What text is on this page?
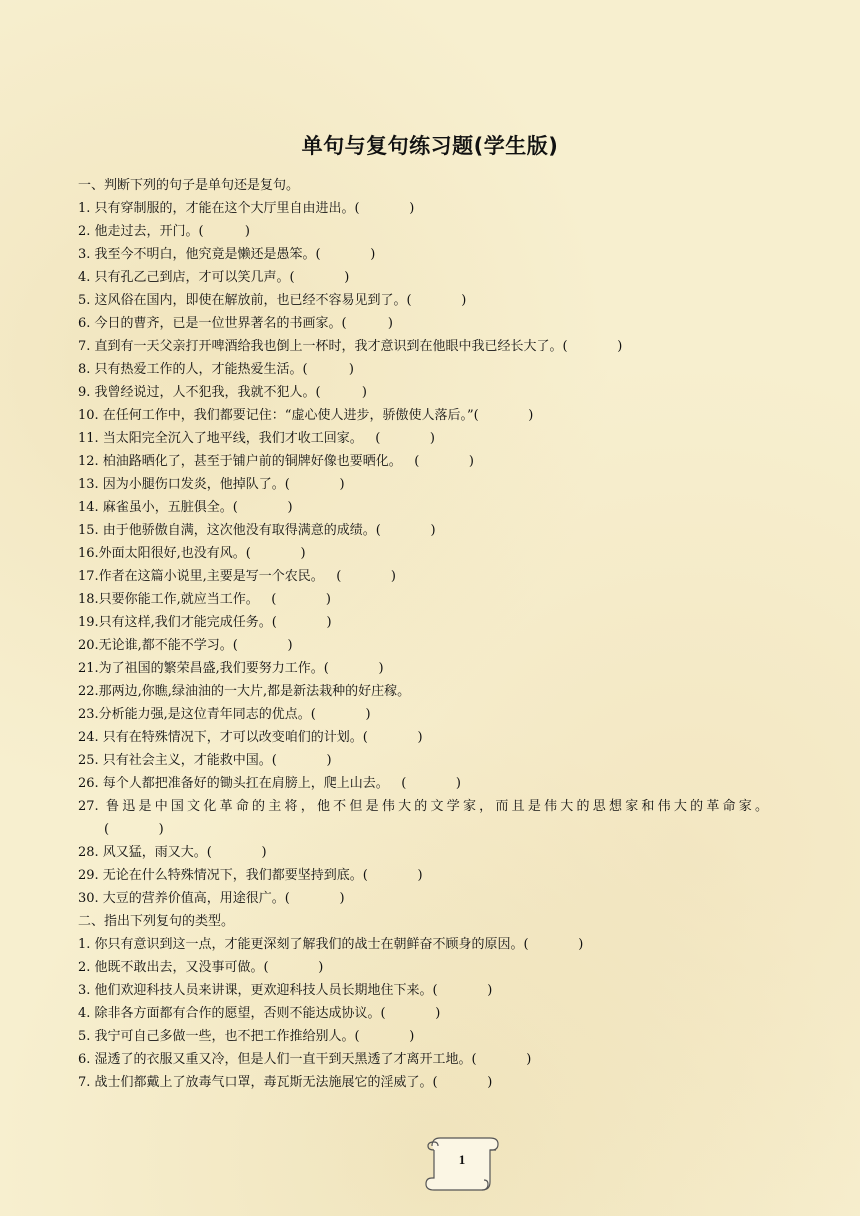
单句与复句练习题(学生版)
一、判断下列的句子是单句还是复句。
1. 只有穿制服的，才能在这个大厅里自由进出。(            )
2. 他走过去，开门。(          )
3. 我至今不明白，他究竟是懒还是愚笨。(            )
4. 只有孔乙己到店，才可以笑几声。(            )
5. 这风俗在国内，即使在解放前，也已经不容易见到了。(            )
6. 今日的曹齐，已是一位世界著名的书画家。(          )
7. 直到有一天父亲打开啤酒给我也倒上一杯时，我才意识到在他眼中我已经长大了。(            )
8. 只有热爱工作的人，才能热爱生活。(          )
9. 我曾经说过，人不犯我，我就不犯人。(          )
10. 在任何工作中，我们都要记住：“虚心使人进步，骄傲使人落后。”(            )
11. 当太阳完全沉入了地平线，我们才收工回家。   (            )
12. 柏油路晒化了，甚至于铺户前的铜牌好像也要晒化。   (            )
13. 因为小腿伤口发炎，他掉队了。(            )
14. 麻雀虽小，五脏俱全。(            )
15. 由于他骄傲自满，这次他没有取得满意的成绩。(            )
16.外面太阳很好,也没有风。(            )
17.作者在这篇小说里,主要是写一个农民。   (            )
18.只要你能工作,就应当工作。   (            )
19.只有这样,我们才能完成任务。(            )
20.无论谁,都不能不学习。(            )
21.为了祖国的繁荣昌盛,我们要努力工作。(            )
22.那两边,你瞧,绿油油的一大片,都是新法栽种的好庄稼。
23.分析能力强,是这位青年同志的优点。(            )
24. 只有在特殊情况下，才可以改变咱们的计划。(            )
25. 只有社会主义，才能救中国。(            )
26. 每个人都把准备好的锄头扛在肩膀上，爬上山去。   (            )
27. 鲁迅是中国文化革命的主将，他不但是伟大的文学家，而且是伟大的思想家和伟大的革命家。
(            )
28. 风又猛，雨又大。(            )
29. 无论在什么特殊情况下，我们都要坚持到底。(            )
30. 大豆的营养价值高，用途很广。(            )
二、指出下列复句的类型。
1. 你只有意识到这一点，才能更深刻了解我们的战士在朝鲜奋不顾身的原因。(            )
2. 他既不敢出去，又没事可做。(            )
3. 他们欢迎科技人员来讲课，更欢迎科技人员长期地住下来。(            )
4. 除非各方面都有合作的愿望，否则不能达成协议。(            )
5. 我宁可自己多做一些，也不把工作推给别人。(            )
6. 湿透了的衣服又重又冷，但是人们一直干到天黑透了才离开工地。(            )
7. 战士们都戴上了放毒气口罩，毒瓦斯无法施展它的淫威了。(            )
1
